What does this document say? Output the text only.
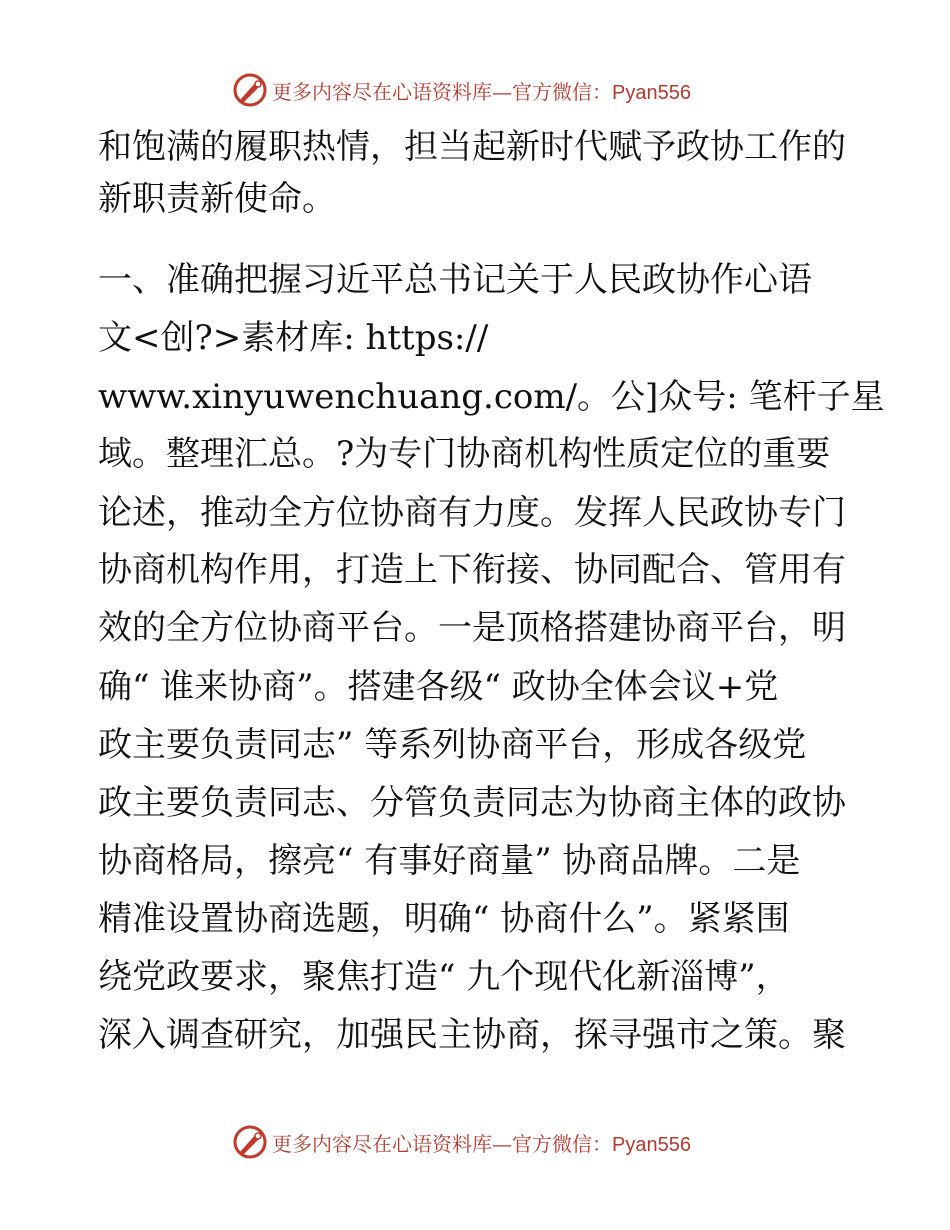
更多内容尽在心语资料库—官方微信：Pyan556
和饱满的履职热情，担当起新时代赋予政协工作的
新职责新使命。
一、准确把握习近平总书记关于人民政协作心语
文<创?>素材库: https://
www.xinyuwenchuang.com/。公]众号: 笔杆子星
域。整理汇总。?为专门协商机构性质定位的重要
论述，推动全方位协商有力度。发挥人民政协专门
协商机构作用，打造上下衔接、协同配合、管用有
效的全方位协商平台。一是顶格搭建协商平台，明
确“ 谁来协商”。搭建各级“ 政协全体会议+党
政主要负责同志” 等系列协商平台，形成各级党
政主要负责同志、分管负责同志为协商主体的政协
协商格局，擦亮“ 有事好商量” 协商品牌。二是
精准设置协商选题，明确“ 协商什么”。紧紧围
绕党政要求，聚焦打造“ 九个现代化新淄博”，
深入调查研究，加强民主协商，探寻强市之策。聚
更多内容尽在心语资料库—官方微信：Pyan556
